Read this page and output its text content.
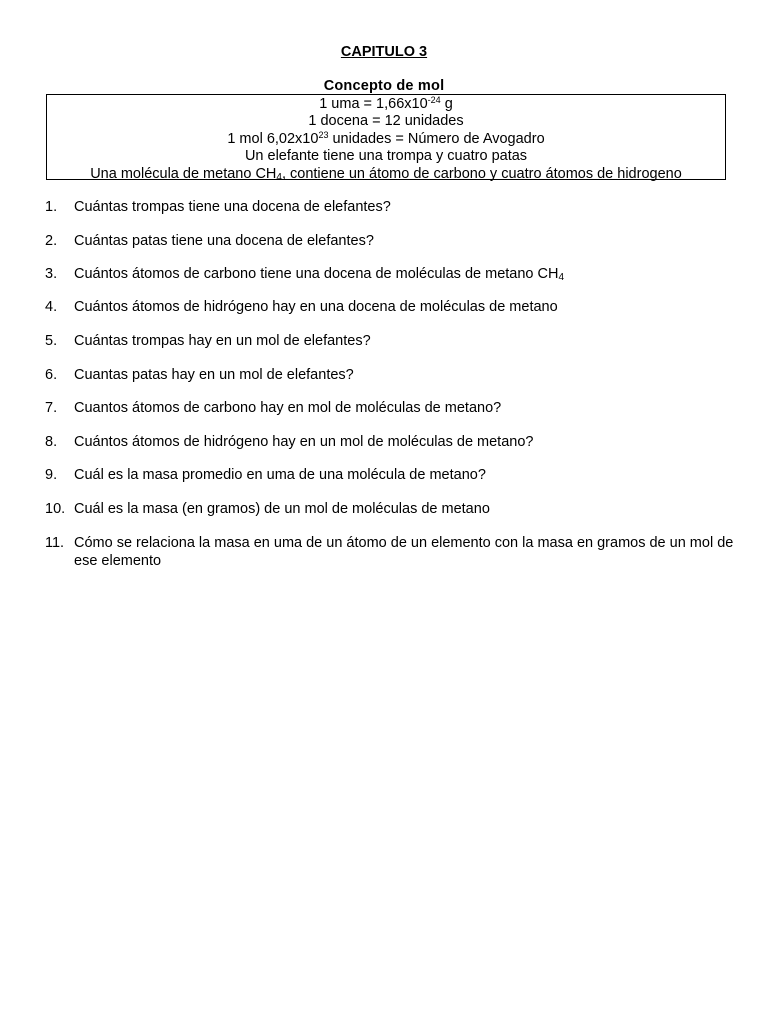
CAPITULO 3
Concepto de mol
1 uma = $1,66x10^{-24}$ g
1 docena = 12 unidades
1 mol $6,02x10^{23}$ unidades = Número de Avogadro
Un elefante tiene una trompa y cuatro patas
Una molécula de metano $CH_4$, contiene un átomo de carbono y cuatro átomos de hidrogeno
1.	Cuántas trompas tiene una docena de elefantes?
2.	Cuántas patas tiene una docena de elefantes?
3.	Cuántos átomos de carbono tiene una docena de moléculas de metano $CH_4$
4.	Cuántos átomos de hidrógeno hay en una docena de moléculas de metano
5.	Cuántas trompas hay en un mol de elefantes?
6.	Cuantas patas hay en un mol de elefantes?
7.	Cuantos átomos de carbono hay en mol de moléculas de metano?
8.	Cuántos átomos de hidrógeno hay en un mol de moléculas de metano?
9.	Cuál es la masa promedio en uma de una molécula de metano?
10. Cuál es la masa (en gramos) de un mol de moléculas de metano
11. Cómo se relaciona la masa en uma de un átomo de un elemento con la masa en gramos de un mol de ese elemento
